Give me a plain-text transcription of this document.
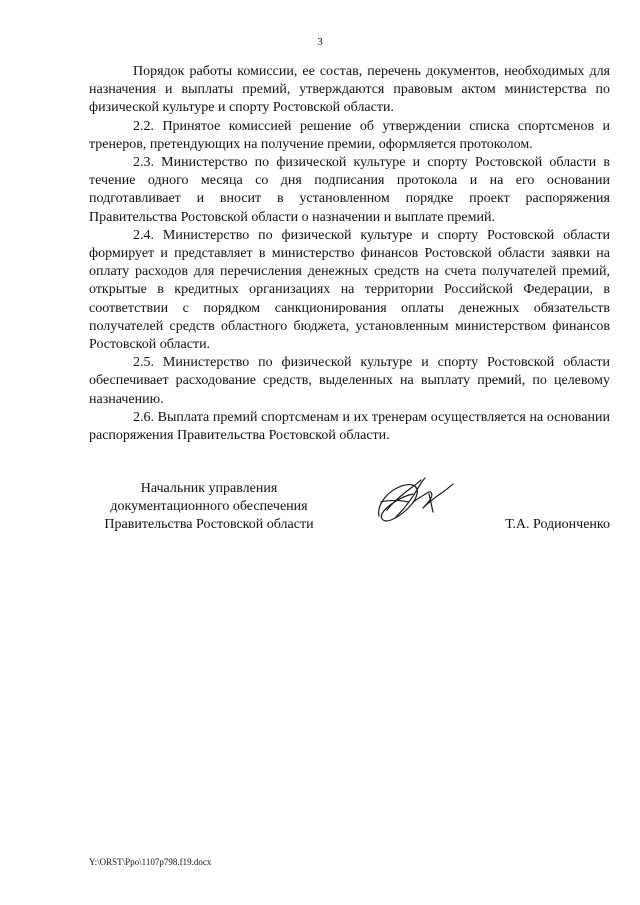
3

Порядок работы комиссии, ее состав, перечень документов, необходимых для назначения и выплаты премий, утверждаются правовым актом министерства по физической культуре и спорту Ростовской области.

2.2. Принятое комиссией решение об утверждении списка спортсменов и тренеров, претендующих на получение премии, оформляется протоколом.

2.3. Министерство по физической культуре и спорту Ростовской области в течение одного месяца со дня подписания протокола и на его основании подготавливает и вносит в установленном порядке проект распоряжения Правительства Ростовской области о назначении и выплате премий.

2.4. Министерство по физической культуре и спорту Ростовской области формирует и представляет в министерство финансов Ростовской области заявки на оплату расходов для перечисления денежных средств на счета получателей премий, открытые в кредитных организациях на территории Российской Федерации, в соответствии с порядком санкционирования оплаты денежных обязательств получателей средств областного бюджета, установленным министерством финансов Ростовской области.

2.5. Министерство по физической культуре и спорту Ростовской области обеспечивает расходование средств, выделенных на выплату премий, по целевому назначению.

2.6. Выплата премий спортсменам и их тренерам осуществляется на основании распоряжения Правительства Ростовской области.

Начальник управления
документационного обеспечения
Правительства Ростовской области	Т.А. Родионченко
Y:\ORST\Ppo\1107p798.f19.docx
